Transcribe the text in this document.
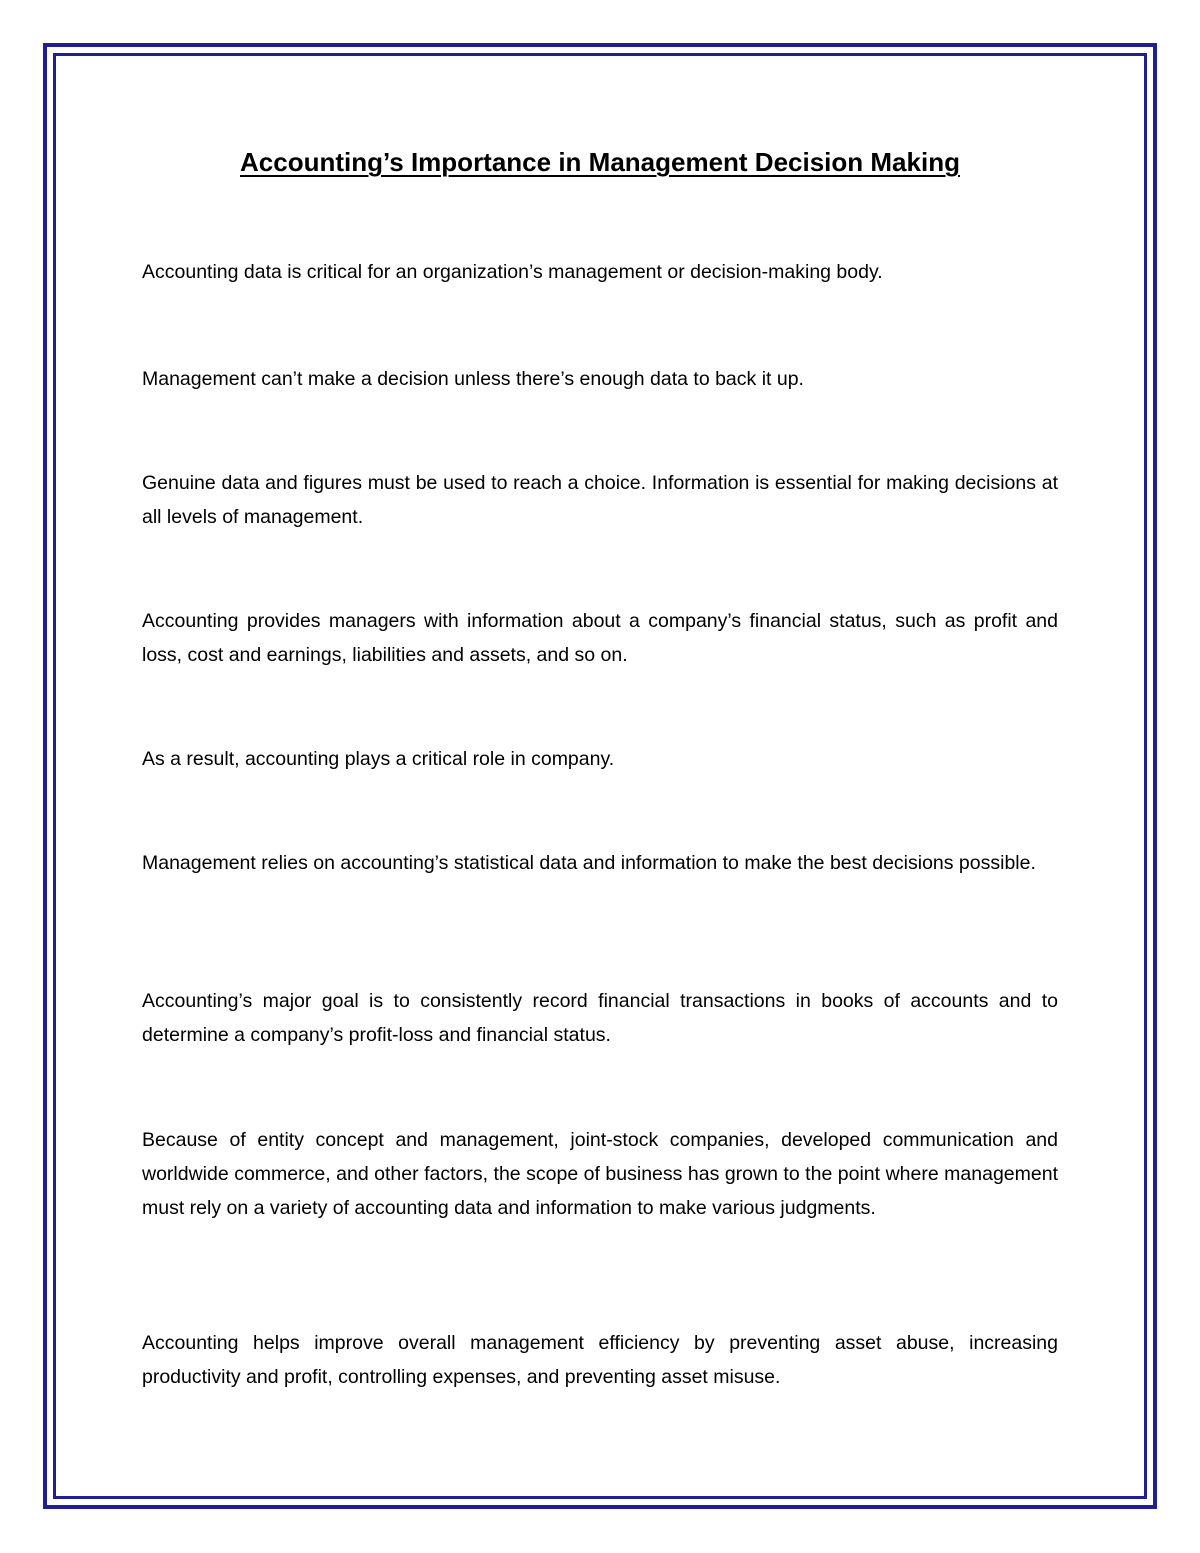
Accounting’s Importance in Management Decision Making

Accounting data is critical for an organization’s management or decision-making body.

Management can’t make a decision unless there’s enough data to back it up.

Genuine data and figures must be used to reach a choice. Information is essential for making decisions at all levels of management.

Accounting provides managers with information about a company’s financial status, such as profit and loss, cost and earnings, liabilities and assets, and so on.

As a result, accounting plays a critical role in company.

Management relies on accounting’s statistical data and information to make the best decisions possible.

Accounting’s major goal is to consistently record financial transactions in books of accounts and to determine a company’s profit-loss and financial status.

Because of entity concept and management, joint-stock companies, developed communication and worldwide commerce, and other factors, the scope of business has grown to the point where management must rely on a variety of accounting data and information to make various judgments.

Accounting helps improve overall management efficiency by preventing asset abuse, increasing productivity and profit, controlling expenses, and preventing asset misuse.
